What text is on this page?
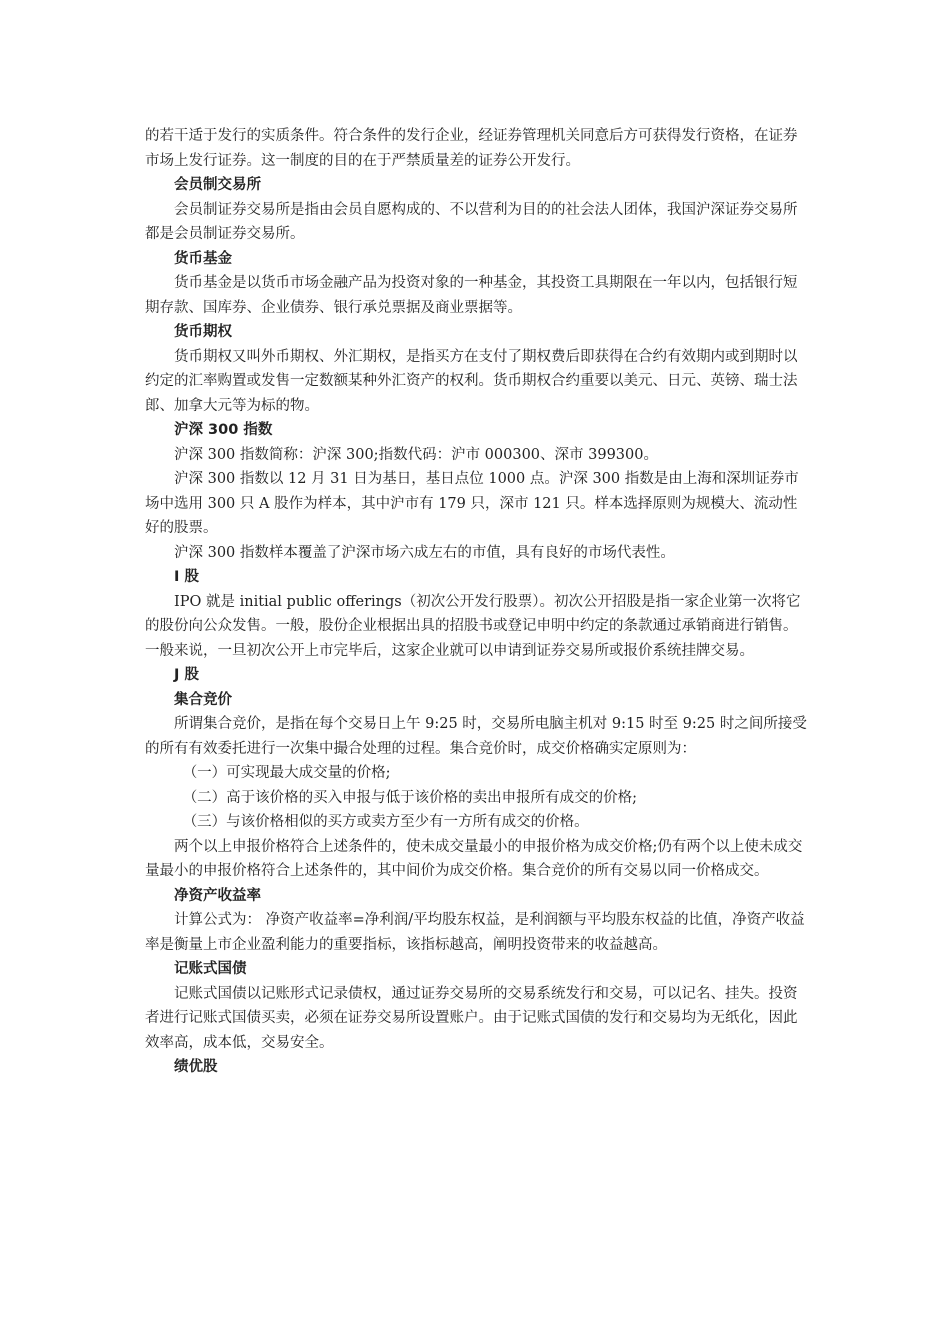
的若干适于发行的实质条件。符合条件的发行企业，经证券管理机关同意后方可获得发行资格，在证券市场上发行证券。这一制度的目的在于严禁质量差的证券公开发行。

会员制交易所

会员制证券交易所是指由会员自愿构成的、不以营利为目的的社会法人团体，我国沪深证券交易所都是会员制证券交易所。

货币基金

货币基金是以货币市场金融产品为投资对象的一种基金，其投资工具期限在一年以内，包括银行短期存款、国库券、企业债券、银行承兑票据及商业票据等。

货币期权

货币期权又叫外币期权、外汇期权，是指买方在支付了期权费后即获得在合约有效期内或到期时以约定的汇率购置或发售一定数额某种外汇资产的权利。货币期权合约重要以美元、日元、英镑、瑞士法郎、加拿大元等为标的物。

沪深 300 指数

沪深 300 指数简称：沪深 300;指数代码：沪市 000300、深市 399300。

沪深 300 指数以 12 月 31 日为基日，基日点位 1000 点。沪深 300 指数是由上海和深圳证券市场中选用 300 只 A 股作为样本，其中沪市有 179 只，深市 121 只。样本选择原则为规模大、流动性好的股票。

沪深 300 指数样本覆盖了沪深市场六成左右的市值，具有良好的市场代表性。

I 股

IPO 就是 initial public offerings（初次公开发行股票）。初次公开招股是指一家企业第一次将它的股份向公众发售。一般，股份企业根据出具的招股书或登记申明中约定的条款通过承销商进行销售。一般来说，一旦初次公开上市完毕后，这家企业就可以申请到证券交易所或报价系统挂牌交易。

J 股

集合竞价

所谓集合竞价，是指在每个交易日上午 9:25 时，交易所电脑主机对 9:15 时至 9:25 时之间所接受的所有有效委托进行一次集中撮合处理的过程。集合竞价时，成交价格确实定原则为：

（一）可实现最大成交量的价格;

（二）高于该价格的买入申报与低于该价格的卖出申报所有成交的价格;

（三）与该价格相似的买方或卖方至少有一方所有成交的价格。

两个以上申报价格符合上述条件的，使未成交量最小的申报价格为成交价格;仍有两个以上使未成交量最小的申报价格符合上述条件的，其中间价为成交价格。集合竞价的所有交易以同一价格成交。

净资产收益率

计算公式为： 净资产收益率=净利润/平均股东权益，是利润额与平均股东权益的比值，净资产收益率是衡量上市企业盈利能力的重要指标，该指标越高，阐明投资带来的收益越高。

记账式国债

记账式国债以记账形式记录债权，通过证券交易所的交易系统发行和交易，可以记名、挂失。投资者进行记账式国债买卖，必须在证券交易所设置账户。由于记账式国债的发行和交易均为无纸化，因此效率高，成本低，交易安全。

绩优股
